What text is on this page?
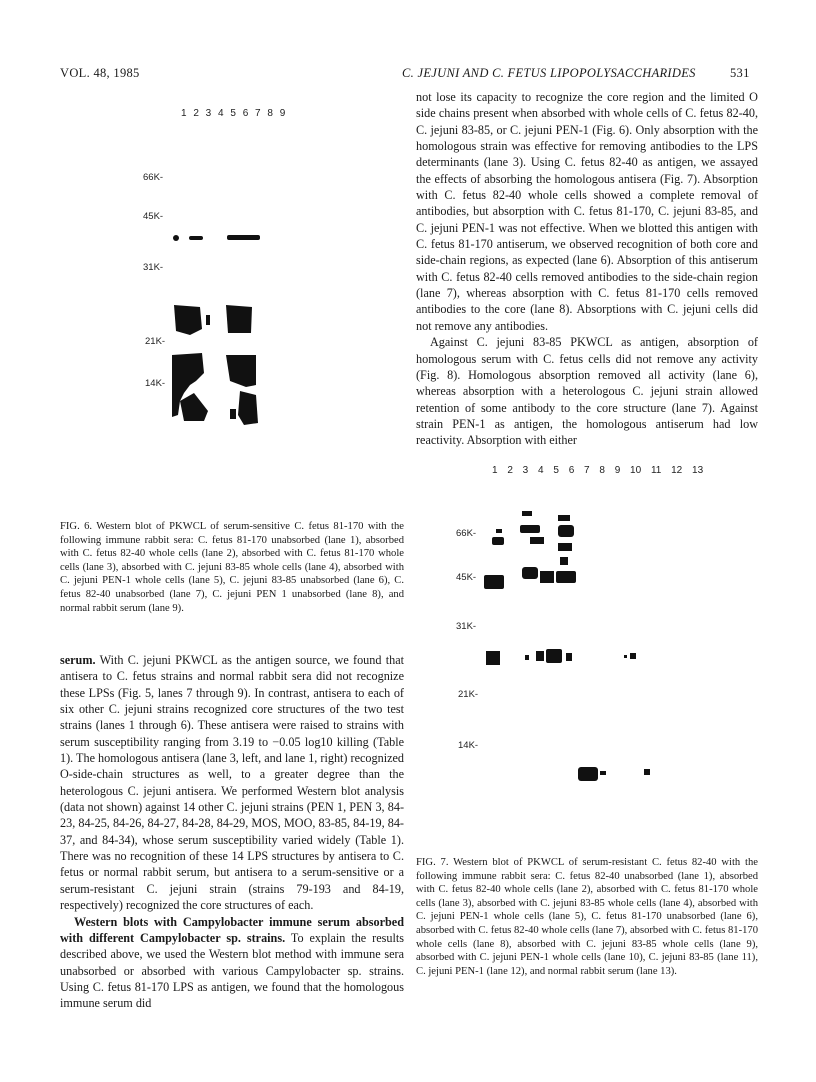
VOL. 48, 1985	C. JEJUNI AND C. FETUS LIPOPOLYSACCHARIDES	531
1 2 3 4 5 6 7 8 9
66K-
45K-
31K-
21K-
14K-
FIG. 6. Western blot of PKWCL of serum-sensitive C. fetus 81-170 with the following immune rabbit sera: C. fetus 81-170 unabsorbed (lane 1), absorbed with C. fetus 82-40 whole cells (lane 2), absorbed with C. fetus 81-170 whole cells (lane 3), absorbed with C. jejuni 83-85 whole cells (lane 4), absorbed with C. jejuni PEN-1 whole cells (lane 5), C. jejuni 83-85 unabsorbed (lane 6), C. fetus 82-40 unabsorbed (lane 7), C. jejuni PEN 1 unabsorbed (lane 8), and normal rabbit serum (lane 9).

serum. With C. jejuni PKWCL as the antigen source, we found that antisera to C. fetus strains and normal rabbit sera did not recognize these LPSs (Fig. 5, lanes 7 through 9). In contrast, antisera to each of six other C. jejuni strains recognized core structures of the two test strains (lanes 1 through 6). These antisera were raised to strains with serum susceptibility ranging from 3.19 to −0.05 log10 killing (Table 1). The homologous antisera (lane 3, left, and lane 1, right) recognized O-side-chain structures as well, to a greater degree than the heterologous C. jejuni antisera. We performed Western blot analysis (data not shown) against 14 other C. jejuni strains (PEN 1, PEN 3, 84-23, 84-25, 84-26, 84-27, 84-28, 84-29, MOS, MOO, 83-85, 84-19, 84-37, and 84-34), whose serum susceptibility varied widely (Table 1). There was no recognition of these 14 LPS structures by antisera to C. fetus or normal rabbit serum, but antisera to a serum-sensitive or a serum-resistant C. jejuni strain (strains 79-193 and 84-19, respectively) recognized the core structures of each.

Western blots with Campylobacter immune serum absorbed with different Campylobacter sp. strains. To explain the results described above, we used the Western blot method with immune sera unabsorbed or absorbed with various Campylobacter sp. strains. Using C. fetus 81-170 LPS as antigen, we found that the homologous immune serum did

not lose its capacity to recognize the core region and the limited O side chains present when absorbed with whole cells of C. fetus 82-40, C. jejuni 83-85, or C. jejuni PEN-1 (Fig. 6). Only absorption with the homologous strain was effective for removing antibodies to the LPS determinants (lane 3). Using C. fetus 82-40 as antigen, we assayed the effects of absorbing the homologous antisera (Fig. 7). Absorption with C. fetus 82-40 whole cells showed a complete removal of antibodies, but absorption with C. fetus 81-170, C. jejuni 83-85, and C. jejuni PEN-1 was not effective. When we blotted this antigen with C. fetus 81-170 antiserum, we observed recognition of both core and side-chain regions, as expected (lane 6). Absorption of this antiserum with C. fetus 82-40 cells removed antibodies to the side-chain region (lane 7), whereas absorption with C. fetus 81-170 cells removed antibodies to the core (lane 8). Absorptions with C. jejuni cells did not remove any antibodies.

Against C. jejuni 83-85 PKWCL as antigen, absorption of homologous serum with C. fetus cells did not remove any activity (Fig. 8). Homologous absorption removed all activity (lane 6), whereas absorption with a heterologous C. jejuni strain allowed retention of some antibody to the core structure (lane 7). Against strain PEN-1 as antigen, the homologous antiserum had low reactivity. Absorption with either

1 2 3 4 5 6 7 8 9 10 11 12 13
66K-
45K-
31K-
21K-
14K-
FIG. 7. Western blot of PKWCL of serum-resistant C. fetus 82-40 with the following immune rabbit sera: C. fetus 82-40 unabsorbed (lane 1), absorbed with C. fetus 82-40 whole cells (lane 2), absorbed with C. fetus 81-170 whole cells (lane 3), absorbed with C. jejuni 83-85 whole cells (lane 4), absorbed with C. jejuni PEN-1 whole cells (lane 5), C. fetus 81-170 unabsorbed (lane 6), absorbed with C. fetus 82-40 whole cells (lane 7), absorbed with C. fetus 81-170 whole cells (lane 8), absorbed with C. jejuni 83-85 whole cells (lane 9), absorbed with C. jejuni PEN-1 whole cells (lane 10), C. jejuni 83-85 (lane 11), C. jejuni PEN-1 (lane 12), and normal rabbit serum (lane 13).
